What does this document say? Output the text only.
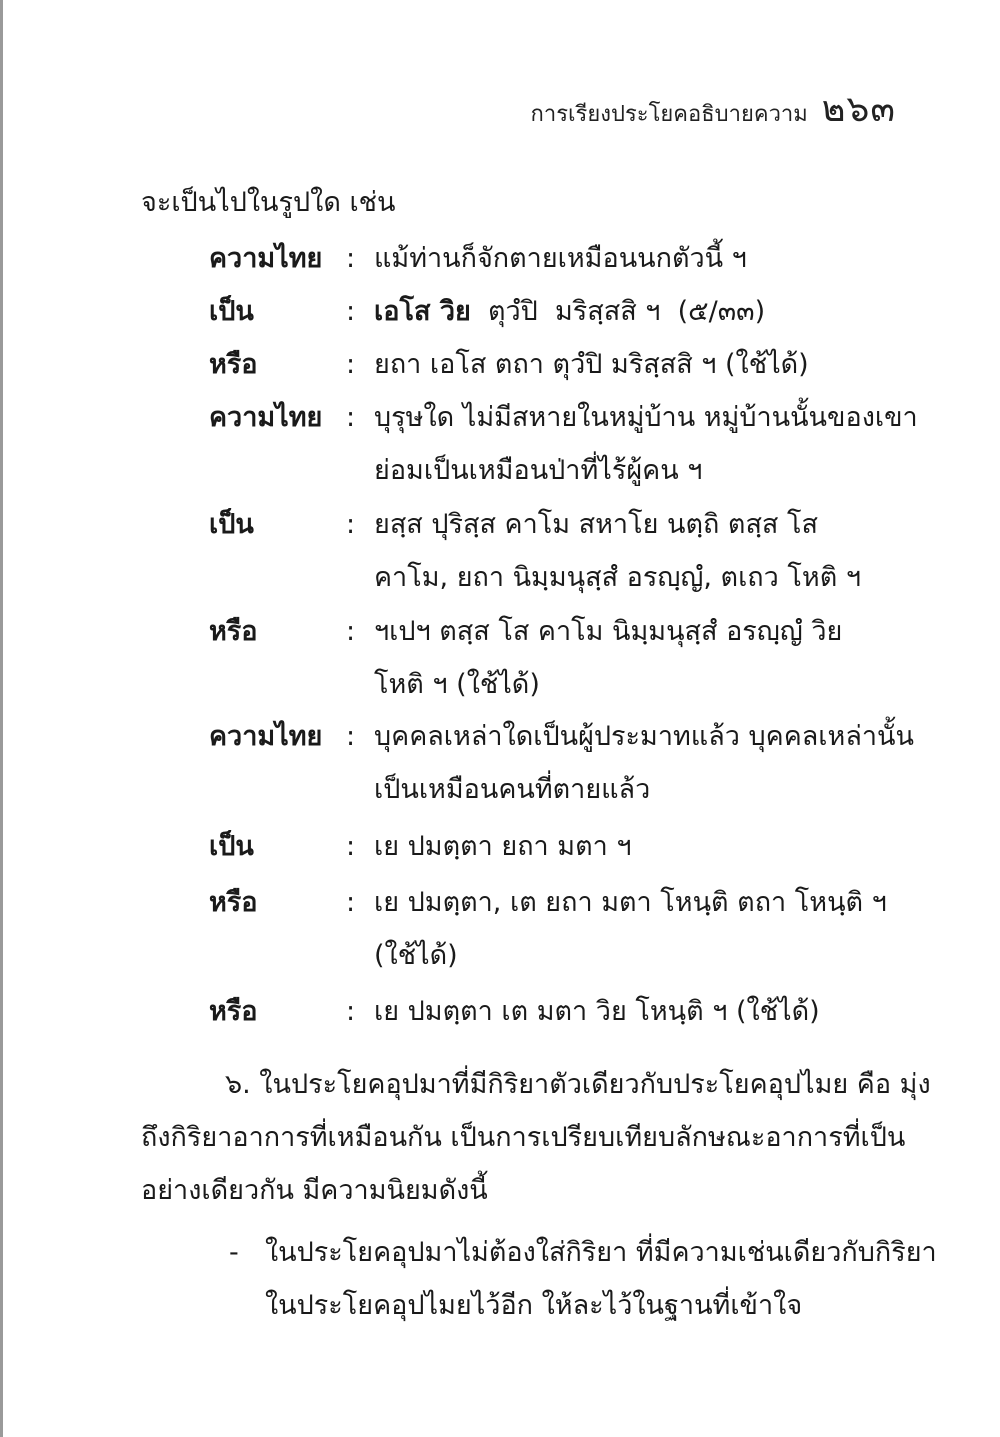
การเรียงประโยคอธิบายความ ๒๖๓
จะเป็นไปในรูปใด เช่น
ความไทย : แม้ท่านก็จักตายเหมือนนกตัวนี้ ฯ
เป็น	: เอโส วิย  ตุวํปิ  มริสฺสสิ ฯ  (๕/๓๓)
หรือ	: ยถา เอโส ตถา ตุวํปิ มริสฺสสิ ฯ (ใช้ได้)
ความไทย : บุรุษใด ไม่มีสหายในหมู่บ้าน หมู่บ้านนั้นของเขา
ย่อมเป็นเหมือนป่าที่ไร้ผู้คน ฯ
เป็น	: ยสฺส ปุริสฺส คาโม สหาโย นตฺถิ ตสฺส โส
คาโม, ยถา นิมฺมนุสฺสํ อรญฺญํ, ตเถว โหติ ฯ
หรือ	: ฯเปฯ ตสฺส โส คาโม นิมฺมนุสฺสํ อรญฺญํ วิย
โหติ ฯ (ใช้ได้)
ความไทย : บุคคลเหล่าใดเป็นผู้ประมาทแล้ว บุคคลเหล่านั้น
เป็นเหมือนคนที่ตายแล้ว
เป็น	: เย ปมตฺตา ยถา มตา ฯ
หรือ	: เย ปมตฺตา, เต ยถา มตา โหนฺติ ตถา โหนฺติ ฯ
(ใช้ได้)
หรือ	: เย ปมตฺตา เต มตา วิย โหนฺติ ฯ (ใช้ได้)
๖. ในประโยคอุปมาที่มีกิริยาตัวเดียวกับประโยคอุปไมย คือ มุ่ง
ถึงกิริยาอาการที่เหมือนกัน เป็นการเปรียบเทียบลักษณะอาการที่เป็น
อย่างเดียวกัน มีความนิยมดังนี้
- ในประโยคอุปมาไม่ต้องใส่กิริยา ที่มีความเช่นเดียวกับกิริยา
ในประโยคอุปไมยไว้อีก ให้ละไว้ในฐานที่เข้าใจ
